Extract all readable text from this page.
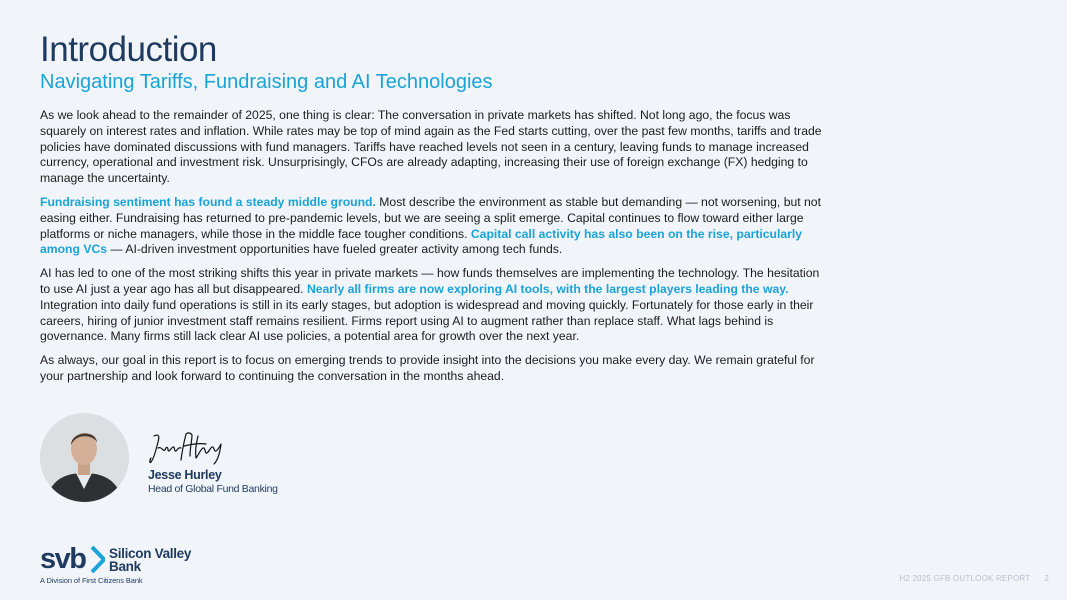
Introduction
Navigating Tariffs, Fundraising and AI Technologies

As we look ahead to the remainder of 2025, one thing is clear: The conversation in private markets has shifted. Not long ago, the focus was squarely on interest rates and inflation. While rates may be top of mind again as the Fed starts cutting, over the past few months, tariffs and trade policies have dominated discussions with fund managers. Tariffs have reached levels not seen in a century, leaving funds to manage increased currency, operational and investment risk. Unsurprisingly, CFOs are already adapting, increasing their use of foreign exchange (FX) hedging to manage the uncertainty.

Fundraising sentiment has found a steady middle ground. Most describe the environment as stable but demanding — not worsening, but not easing either. Fundraising has returned to pre-pandemic levels, but we are seeing a split emerge. Capital continues to flow toward either large platforms or niche managers, while those in the middle face tougher conditions. Capital call activity has also been on the rise, particularly among VCs — AI-driven investment opportunities have fueled greater activity among tech funds.

AI has led to one of the most striking shifts this year in private markets — how funds themselves are implementing the technology. The hesitation to use AI just a year ago has all but disappeared. Nearly all firms are now exploring AI tools, with the largest players leading the way. Integration into daily fund operations is still in its early stages, but adoption is widespread and moving quickly. Fortunately for those early in their careers, hiring of junior investment staff remains resilient. Firms report using AI to augment rather than replace staff. What lags behind is governance. Many firms still lack clear AI use policies, a potential area for growth over the next year.

As always, our goal in this report is to focus on emerging trends to provide insight into the decisions you make every day. We remain grateful for your partnership and look forward to continuing the conversation in the months ahead.

Jesse Hurley
Head of Global Fund Banking
svb Silicon Valley
Bank
A Division of First Citizens Bank	H2 2025 GFB OUTLOOK REPORT 2
